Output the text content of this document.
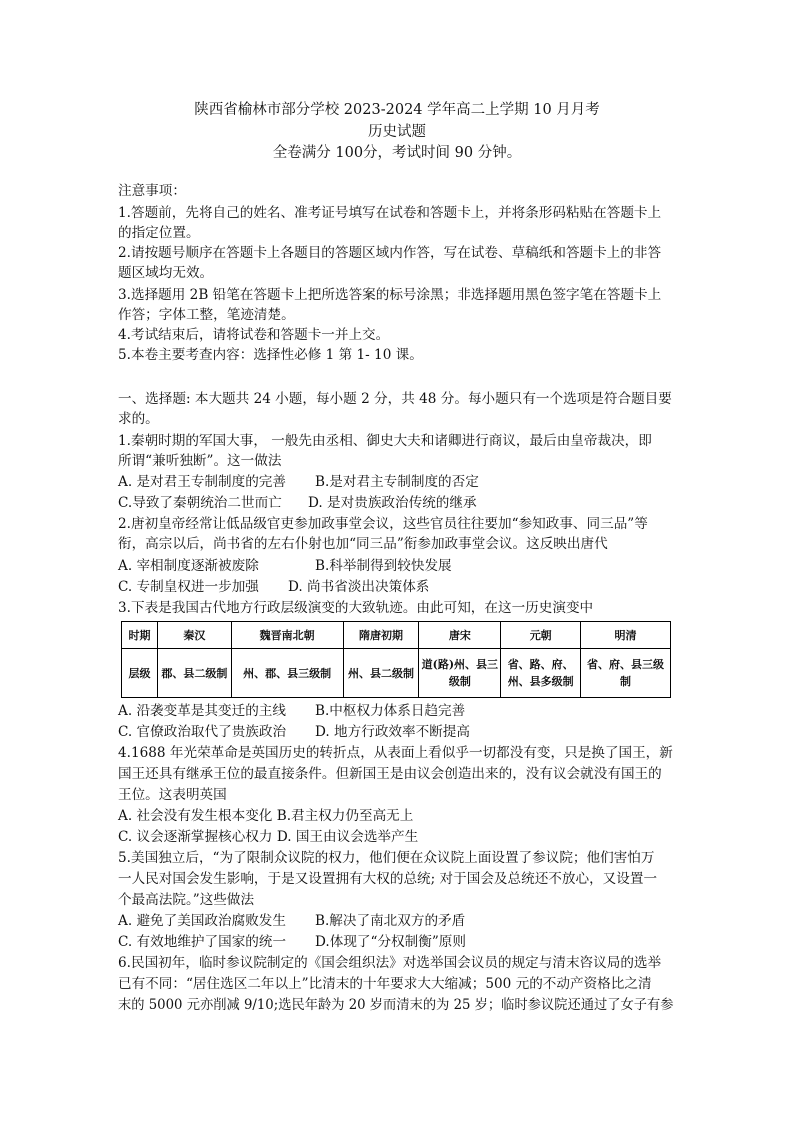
陕西省榆林市部分学校 2023-2024 学年高二上学期 10 月月考
历史试题
全卷满分 100分，考试时间 90 分钟。
注意事项：
1.答题前，先将自己的姓名、准考证号填写在试卷和答题卡上，并将条形码粘贴在答题卡上
的指定位置。
2.请按题号顺序在答题卡上各题目的答题区域内作答，写在试卷、草稿纸和答题卡上的非答
题区域均无效。
3.选择题用 2B 铅笔在答题卡上把所选答案的标号涂黑；非选择题用黑色签字笔在答题卡上
作答；字体工整，笔迹清楚。
4.考试结束后，请将试卷和答题卡一并上交。
5.本卷主要考查内容：选择性必修 1 第 1- 10 课。
一、选择题: 本大题共 24 小题，每小题 2 分，共 48 分。每小题只有一个选项是符合题目要
求的。
1.秦朝时期的军国大事， 一般先由丞相、御史大夫和诸卿进行商议，最后由皇帝裁决，即
所谓“兼听独断”。这一做法
A. 是对君王专制制度的完善 B.是对君主专制制度的否定
C.导致了秦朝统治二世而亡 D. 是对贵族政治传统的继承
2.唐初皇帝经常让低品级官吏参加政事堂会议，这些官员往往要加“参知政事、同三品”等
衔，高宗以后，尚书省的左右仆射也加“同三品”衔参加政事堂会议。这反映出唐代
A. 宰相制度逐渐被废除	B.科举制得到较快发展
C. 专制皇权进一步加强 D. 尚书省淡出决策体系
3.下表是我国古代地方行政层级演变的大致轨迹。由此可知，在这一历史演变中
时期	秦汉	魏晋南北朝	隋唐初期	唐宋	元朝	明清
层级	郡、县二级制	州、郡、县三级制	州、县二级制	道(路)州、县三级制	省、路、府、州、县多级制	省、府、县三级制
A. 沿袭变革是其变迁的主线 B.中枢权力体系日趋完善
C. 官僚政治取代了贵族政治 D. 地方行政效率不断提高
4.1688 年光荣革命是英国历史的转折点，从表面上看似乎一切都没有变，只是换了国王，新
国王还具有继承王位的最直接条件。但新国王是由议会创造出来的，没有议会就没有国王的
王位。这表明英国
A. 社会没有发生根本变化 B.君主权力仍至高无上
C. 议会逐渐掌握核心权力 D. 国王由议会选举产生
5.美国独立后，“为了限制众议院的权力，他们便在众议院上面设置了参议院；他们害怕万
一人民对国会发生影响，于是又设置拥有大权的总统; 对于国会及总统还不放心，又设置一
个最高法院。”这些做法
A. 避免了美国政治腐败发生 B.解决了南北双方的矛盾
C. 有效地维护了国家的统一 D.体现了“分权制衡”原则
6.民国初年，临时参议院制定的《国会组织法》对选举国会议员的规定与清末咨议局的选举
已有不同：“居住选区二年以上”比清末的十年要求大大缩减；500 元的不动产资格比之清
末的 5000 元亦削减 9/10;选民年龄为 20 岁而清末的为 25 岁；临时参议院还通过了女子有参
